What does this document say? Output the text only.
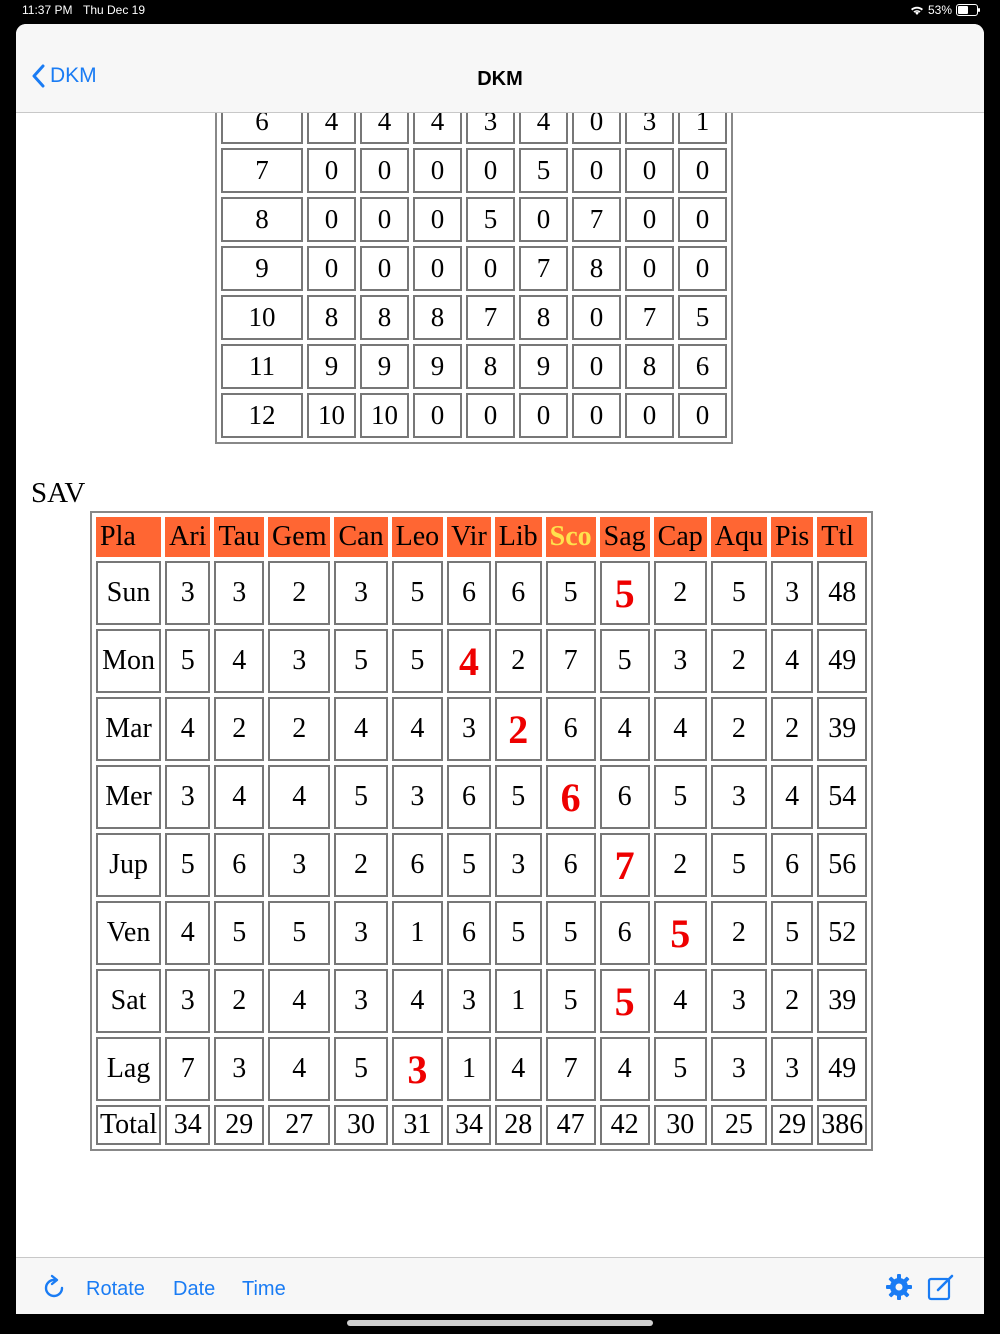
11:37 PM Thu Dec 19	53%
DKM	DKM
6	4	4	4	3	4	0	3	1
7	0	0	0	0	5	0	0	0
8	0	0	0	5	0	7	0	0
9	0	0	0	0	7	8	0	0
10	8	8	8	7	8	0	7	5
11	9	9	9	8	9	0	8	6
12	10	10	0	0	0	0	0	0
SAV
Pla	Ari	Tau	Gem	Can	Leo	Vir	Lib	Sco	Sag	Cap	Aqu	Pis	Ttl
Sun	3	3	2	3	5	6	6	5	5	2	5	3	48
Mon	5	4	3	5	5	4	2	7	5	3	2	4	49
Mar	4	2	2	4	4	3	2	6	4	4	2	2	39
Mer	3	4	4	5	3	6	5	6	6	5	3	4	54
Jup	5	6	3	2	6	5	3	6	7	2	5	6	56
Ven	4	5	5	3	1	6	5	5	6	5	2	5	52
Sat	3	2	4	3	4	3	1	5	5	4	3	2	39
Lag	7	3	4	5	3	1	4	7	4	5	3	3	49
Total	34	29	27	30	31	34	28	47	42	30	25	29	386
Rotate Date Time
